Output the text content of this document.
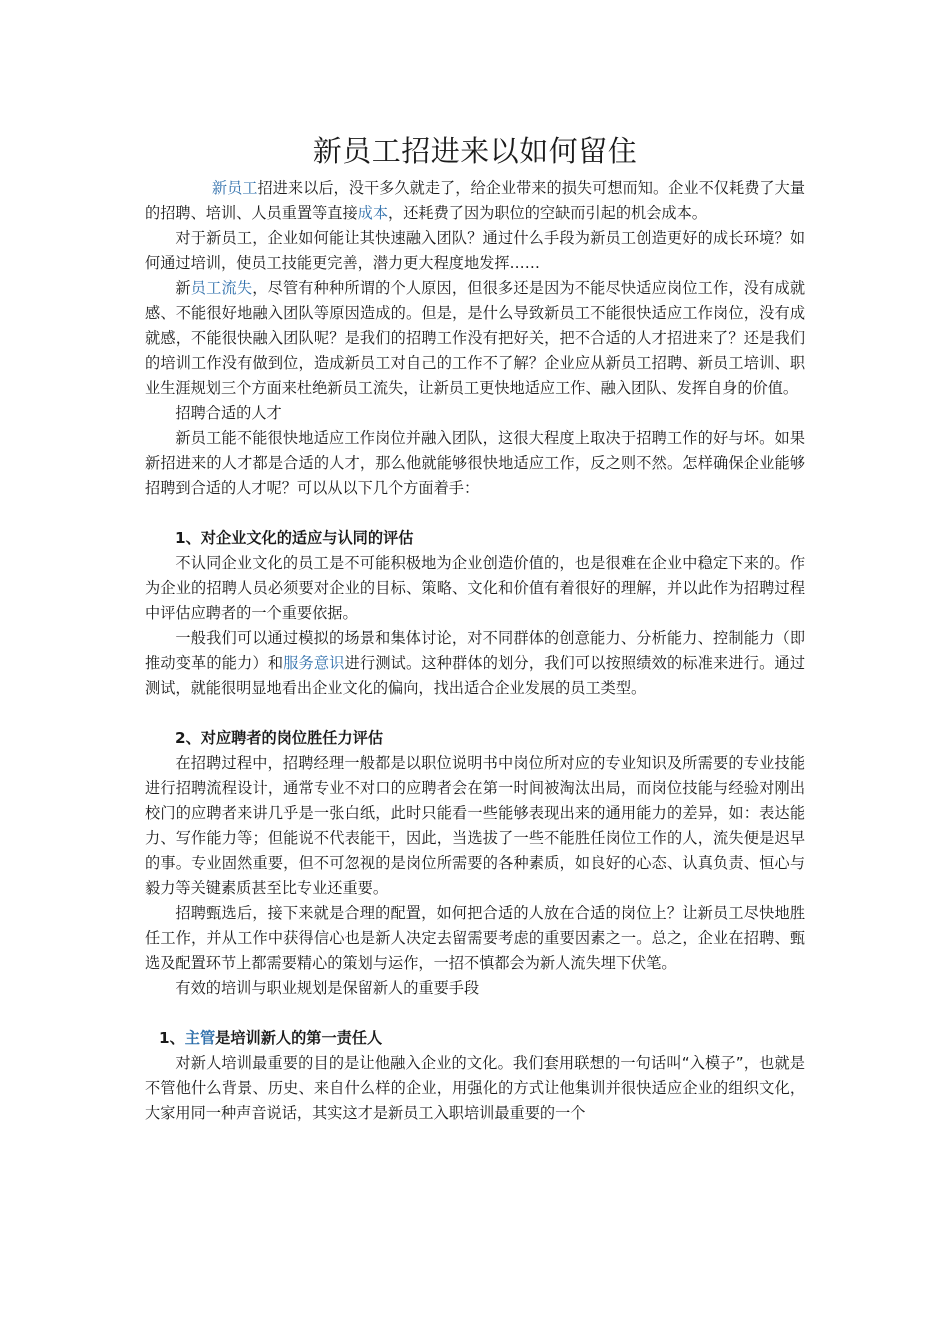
新员工招进来以如何留住

新员工招进来以后，没干多久就走了，给企业带来的损失可想而知。企业不仅耗费了大量的招聘、培训、人员重置等直接成本，还耗费了因为职位的空缺而引起的机会成本。

对于新员工，企业如何能让其快速融入团队？通过什么手段为新员工创造更好的成长环境？如何通过培训，使员工技能更完善，潜力更大程度地发挥……

新员工流失，尽管有种种所谓的个人原因，但很多还是因为不能尽快适应岗位工作，没有成就感、不能很好地融入团队等原因造成的。但是，是什么导致新员工不能很快适应工作岗位，没有成就感，不能很快融入团队呢？是我们的招聘工作没有把好关，把不合适的人才招进来了？还是我们的培训工作没有做到位，造成新员工对自己的工作不了解？企业应从新员工招聘、新员工培训、职业生涯规划三个方面来杜绝新员工流失，让新员工更快地适应工作、融入团队、发挥自身的价值。

招聘合适的人才

新员工能不能很快地适应工作岗位并融入团队，这很大程度上取决于招聘工作的好与坏。如果新招进来的人才都是合适的人才，那么他就能够很快地适应工作，反之则不然。怎样确保企业能够招聘到合适的人才呢？可以从以下几个方面着手：

1、对企业文化的适应与认同的评估

不认同企业文化的员工是不可能积极地为企业创造价值的，也是很难在企业中稳定下来的。作为企业的招聘人员必须要对企业的目标、策略、文化和价值有着很好的理解，并以此作为招聘过程中评估应聘者的一个重要依据。

一般我们可以通过模拟的场景和集体讨论，对不同群体的创意能力、分析能力、控制能力（即推动变革的能力）和服务意识进行测试。这种群体的划分，我们可以按照绩效的标准来进行。通过测试，就能很明显地看出企业文化的偏向，找出适合企业发展的员工类型。

2、对应聘者的岗位胜任力评估

在招聘过程中，招聘经理一般都是以职位说明书中岗位所对应的专业知识及所需要的专业技能进行招聘流程设计，通常专业不对口的应聘者会在第一时间被淘汰出局，而岗位技能与经验对刚出校门的应聘者来讲几乎是一张白纸，此时只能看一些能够表现出来的通用能力的差异，如：表达能力、写作能力等；但能说不代表能干，因此，当选拔了一些不能胜任岗位工作的人，流失便是迟早的事。专业固然重要，但不可忽视的是岗位所需要的各种素质，如良好的心态、认真负责、恒心与毅力等关键素质甚至比专业还重要。

招聘甄选后，接下来就是合理的配置，如何把合适的人放在合适的岗位上？让新员工尽快地胜任工作，并从工作中获得信心也是新人决定去留需要考虑的重要因素之一。总之，企业在招聘、甄选及配置环节上都需要精心的策划与运作，一招不慎都会为新人流失埋下伏笔。

有效的培训与职业规划是保留新人的重要手段

1、主管是培训新人的第一责任人

对新人培训最重要的目的是让他融入企业的文化。我们套用联想的一句话叫“入模子”，也就是不管他什么背景、历史、来自什么样的企业，用强化的方式让他集训并很快适应企业的组织文化，大家用同一种声音说话，其实这才是新员工入职培训最重要的一个
